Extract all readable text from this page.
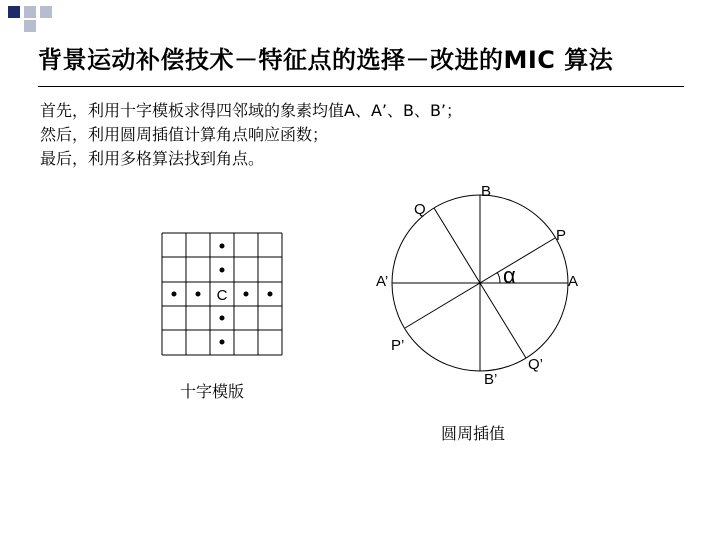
背景运动补偿技术－特征点的选择－改进的MIC 算法
首先，利用十字模板求得四邻域的象素均值A、A’、B、B’；
然后，利用圆周插值计算角点响应函数；
最后，利用多格算法找到角点。
C
B
Q
P
A’	α	A
P’
Q’
B’
十字模版
圆周插值
